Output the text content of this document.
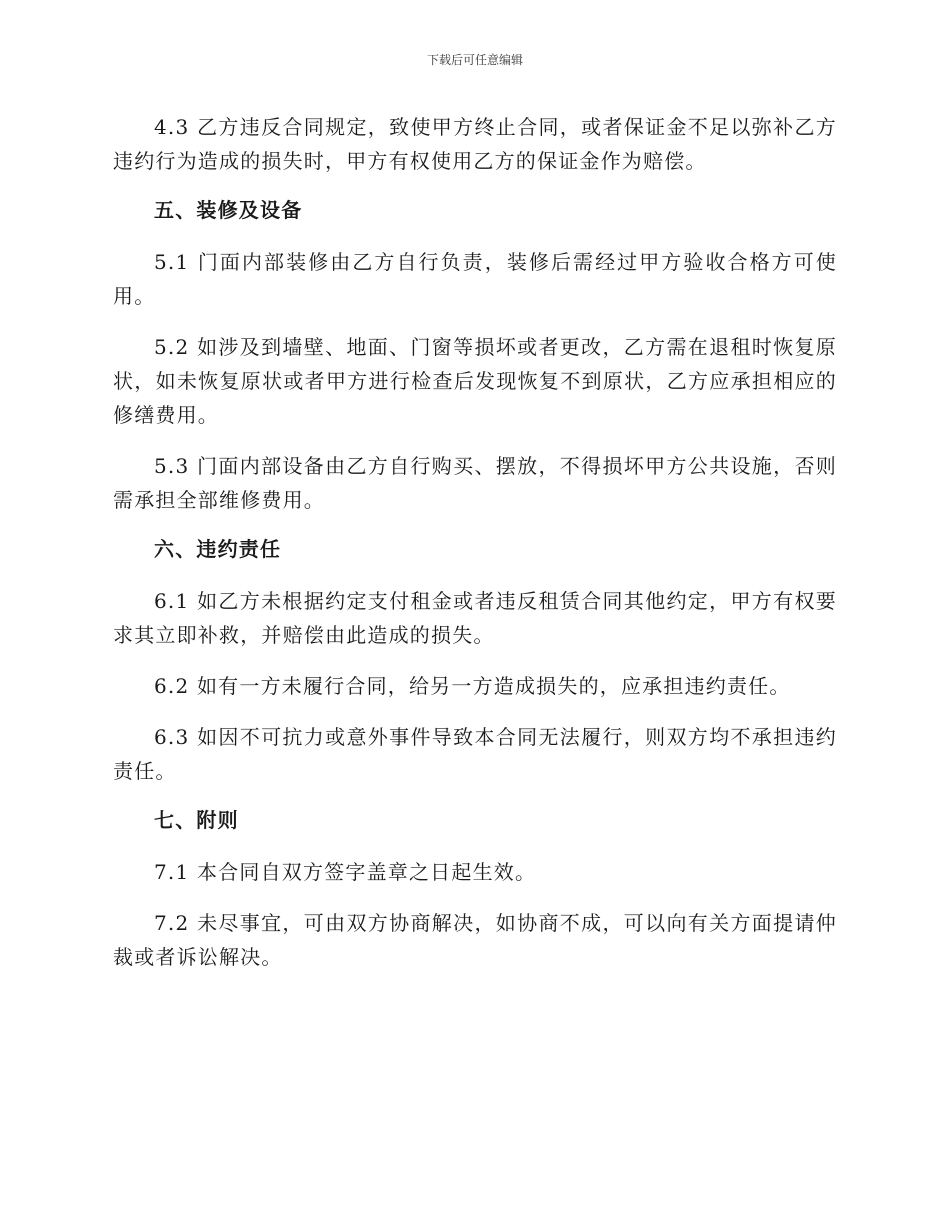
下载后可任意编辑

4.3 乙方违反合同规定，致使甲方终止合同，或者保证金不足以弥补乙方违约行为造成的损失时，甲方有权使用乙方的保证金作为赔偿。

五、装修及设备

5.1 门面内部装修由乙方自行负责，装修后需经过甲方验收合格方可使用。

5.2 如涉及到墙壁、地面、门窗等损坏或者更改，乙方需在退租时恢复原状，如未恢复原状或者甲方进行检查后发现恢复不到原状，乙方应承担相应的修缮费用。

5.3 门面内部设备由乙方自行购买、摆放，不得损坏甲方公共设施，否则需承担全部维修费用。

六、违约责任

6.1 如乙方未根据约定支付租金或者违反租赁合同其他约定，甲方有权要求其立即补救，并赔偿由此造成的损失。

6.2 如有一方未履行合同，给另一方造成损失的，应承担违约责任。

6.3 如因不可抗力或意外事件导致本合同无法履行，则双方均不承担违约责任。

七、附则

7.1 本合同自双方签字盖章之日起生效。

7.2 未尽事宜，可由双方协商解决，如协商不成，可以向有关方面提请仲裁或者诉讼解决。
